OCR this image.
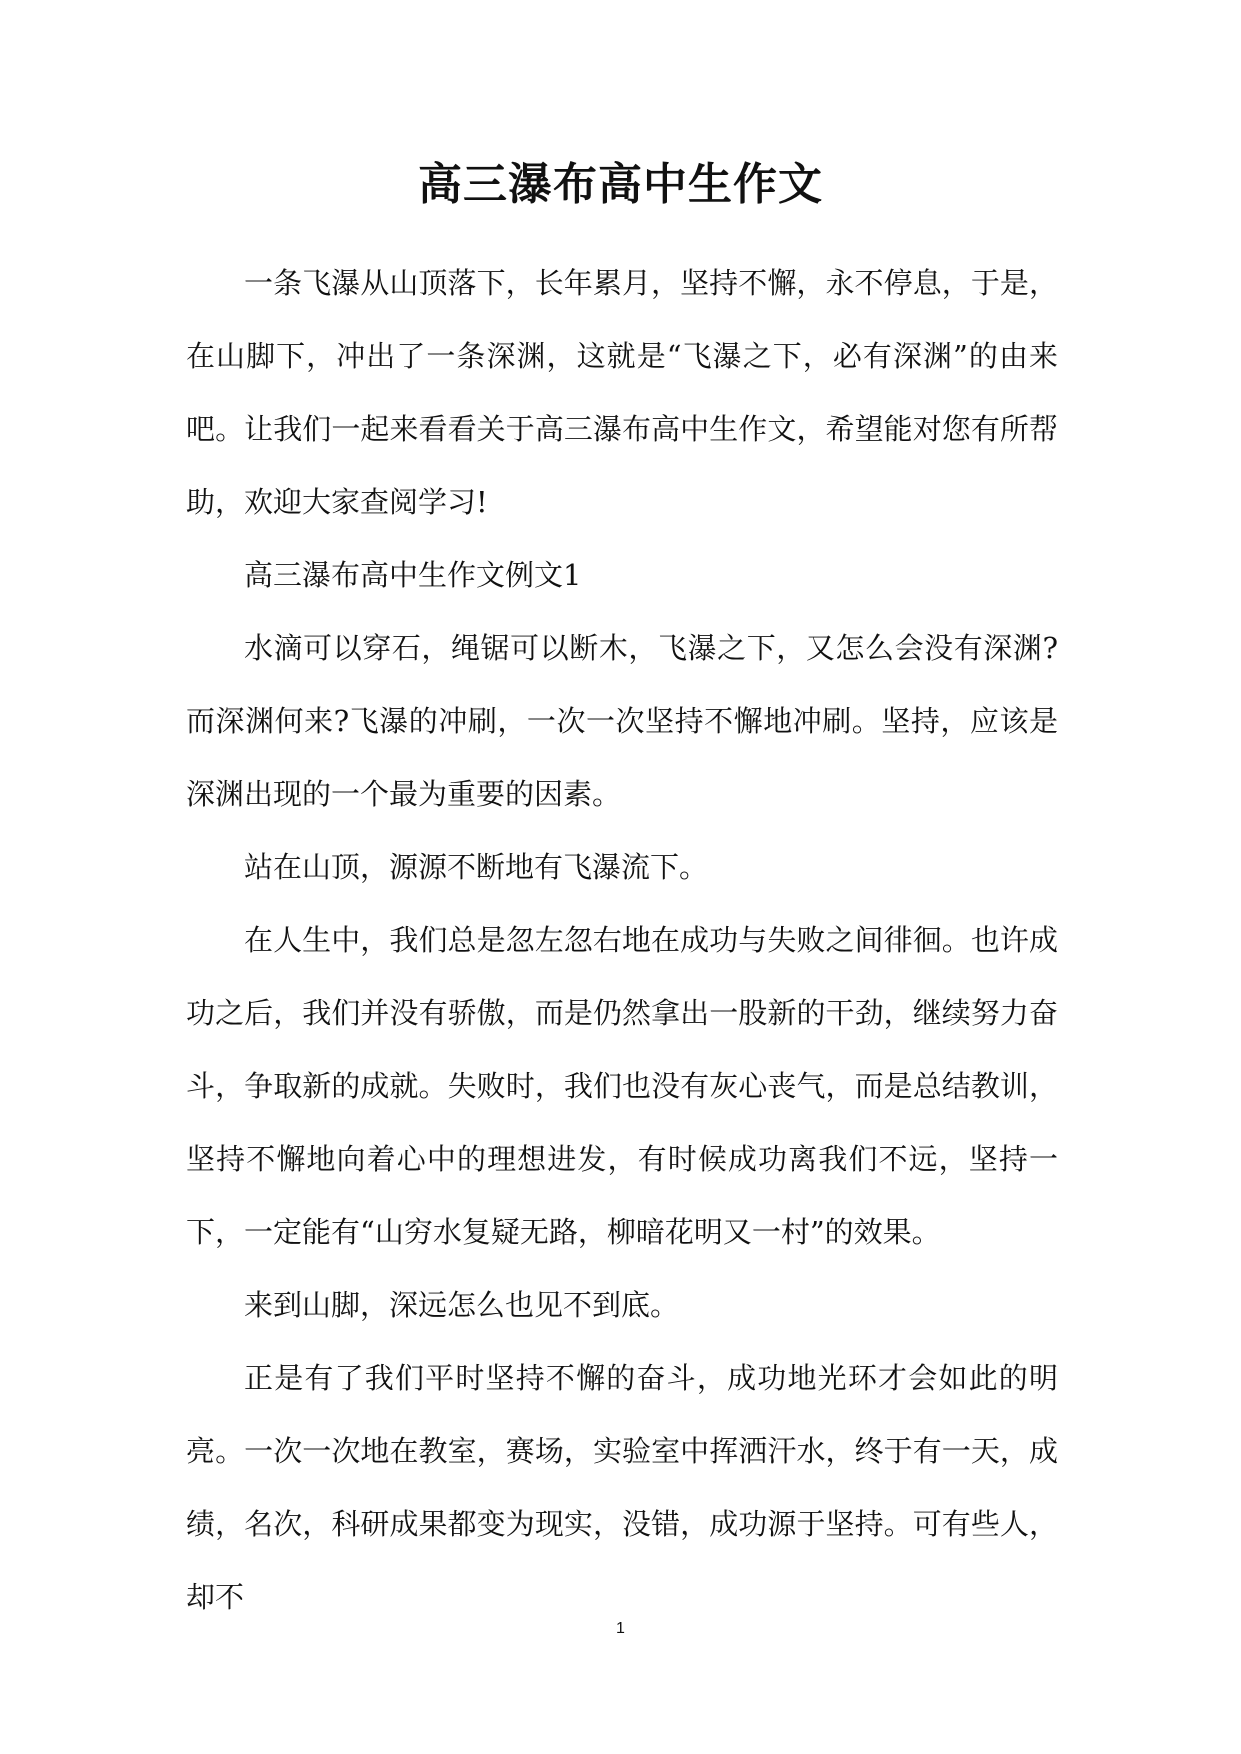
高三瀑布高中生作文

一条飞瀑从山顶落下，长年累月，坚持不懈，永不停息，于是，在山脚下，冲出了一条深渊，这就是“飞瀑之下，必有深渊”的由来吧。让我们一起来看看关于高三瀑布高中生作文，希望能对您有所帮助，欢迎大家查阅学习!

高三瀑布高中生作文例文1

水滴可以穿石，绳锯可以断木，飞瀑之下，又怎么会没有深渊?而深渊何来?飞瀑的冲刷，一次一次坚持不懈地冲刷。坚持，应该是深渊出现的一个最为重要的因素。

站在山顶，源源不断地有飞瀑流下。

在人生中，我们总是忽左忽右地在成功与失败之间徘徊。也许成功之后，我们并没有骄傲，而是仍然拿出一股新的干劲，继续努力奋斗，争取新的成就。失败时，我们也没有灰心丧气，而是总结教训，坚持不懈地向着心中的理想进发，有时候成功离我们不远，坚持一下，一定能有“山穷水复疑无路，柳暗花明又一村”的效果。

来到山脚，深远怎么也见不到底。

正是有了我们平时坚持不懈的奋斗，成功地光环才会如此的明亮。一次一次地在教室，赛场，实验室中挥洒汗水，终于有一天，成绩，名次，科研成果都变为现实，没错，成功源于坚持。可有些人，却不

1
